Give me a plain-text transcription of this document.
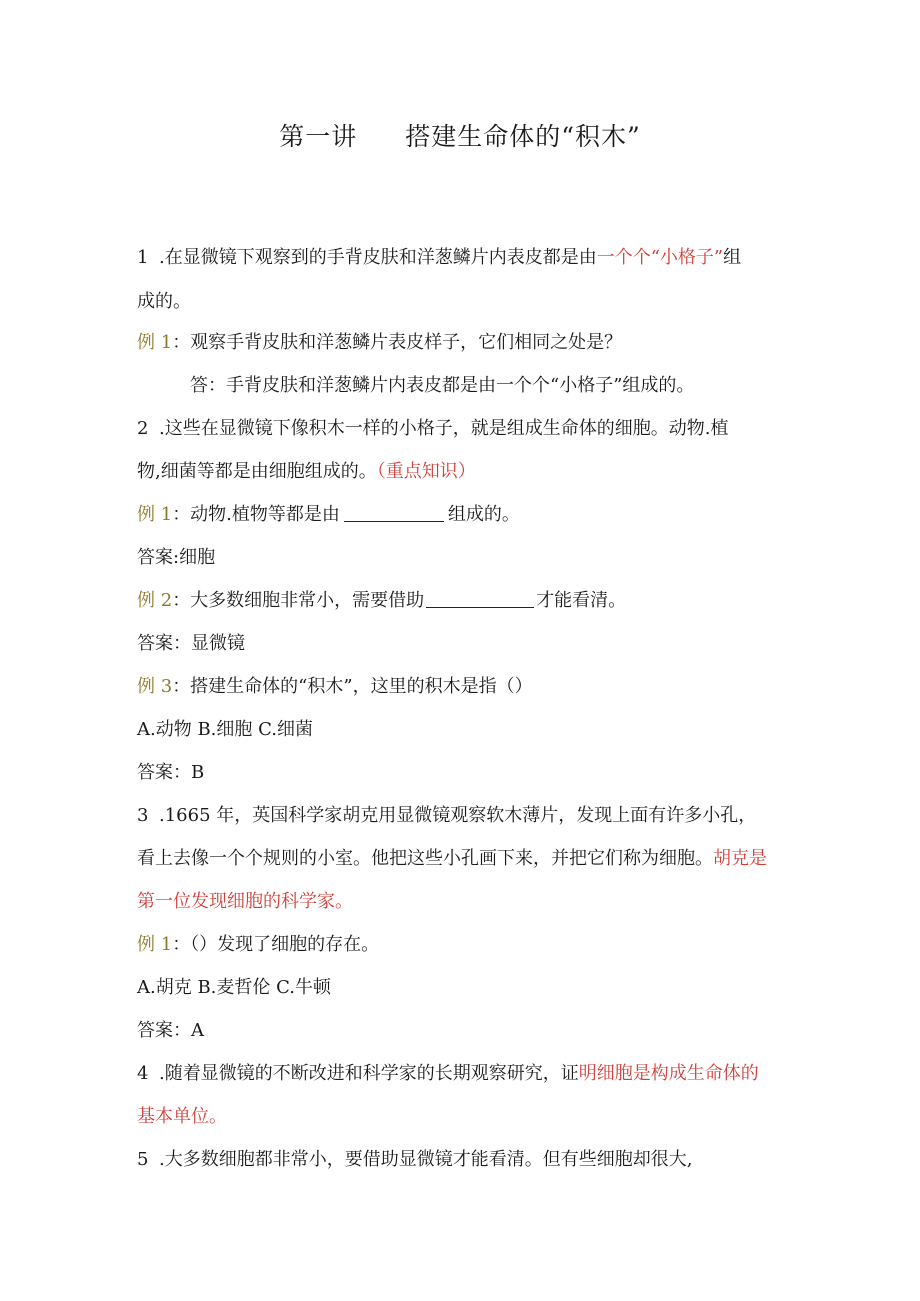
第一讲 搭建生命体的“积木”
1 .在显微镜下观察到的手背皮肤和洋葱鳞片内表皮都是由一个个“小格子”组
成的。
例 1：观察手背皮肤和洋葱鳞片表皮样子，它们相同之处是？
答：手背皮肤和洋葱鳞片内表皮都是由一个个“小格子”组成的。
2 .这些在显微镜下像积木一样的小格子，就是组成生命体的细胞。动物.植
物,细菌等都是由细胞组成的。（重点知识）
例 1：动物.植物等都是由	组成的。
答案:细胞
例 2：大多数细胞非常小，需要借助	才能看清。
答案：显微镜
例 3：搭建生命体的“积木”，这里的积木是指（）
A.动物 B.细胞 C.细菌
答案：B
3 .1665 年，英国科学家胡克用显微镜观察软木薄片，发现上面有许多小孔，
看上去像一个个规则的小室。他把这些小孔画下来，并把它们称为细胞。胡克是
第一位发现细胞的科学家。
例 1：（）发现了细胞的存在。
A.胡克 B.麦哲伦 C.牛顿
答案：A
4 .随着显微镜的不断改进和科学家的长期观察研究，证明细胞是构成生命体的
基本单位。
5 .大多数细胞都非常小，要借助显微镜才能看清。但有些细胞却很大,
